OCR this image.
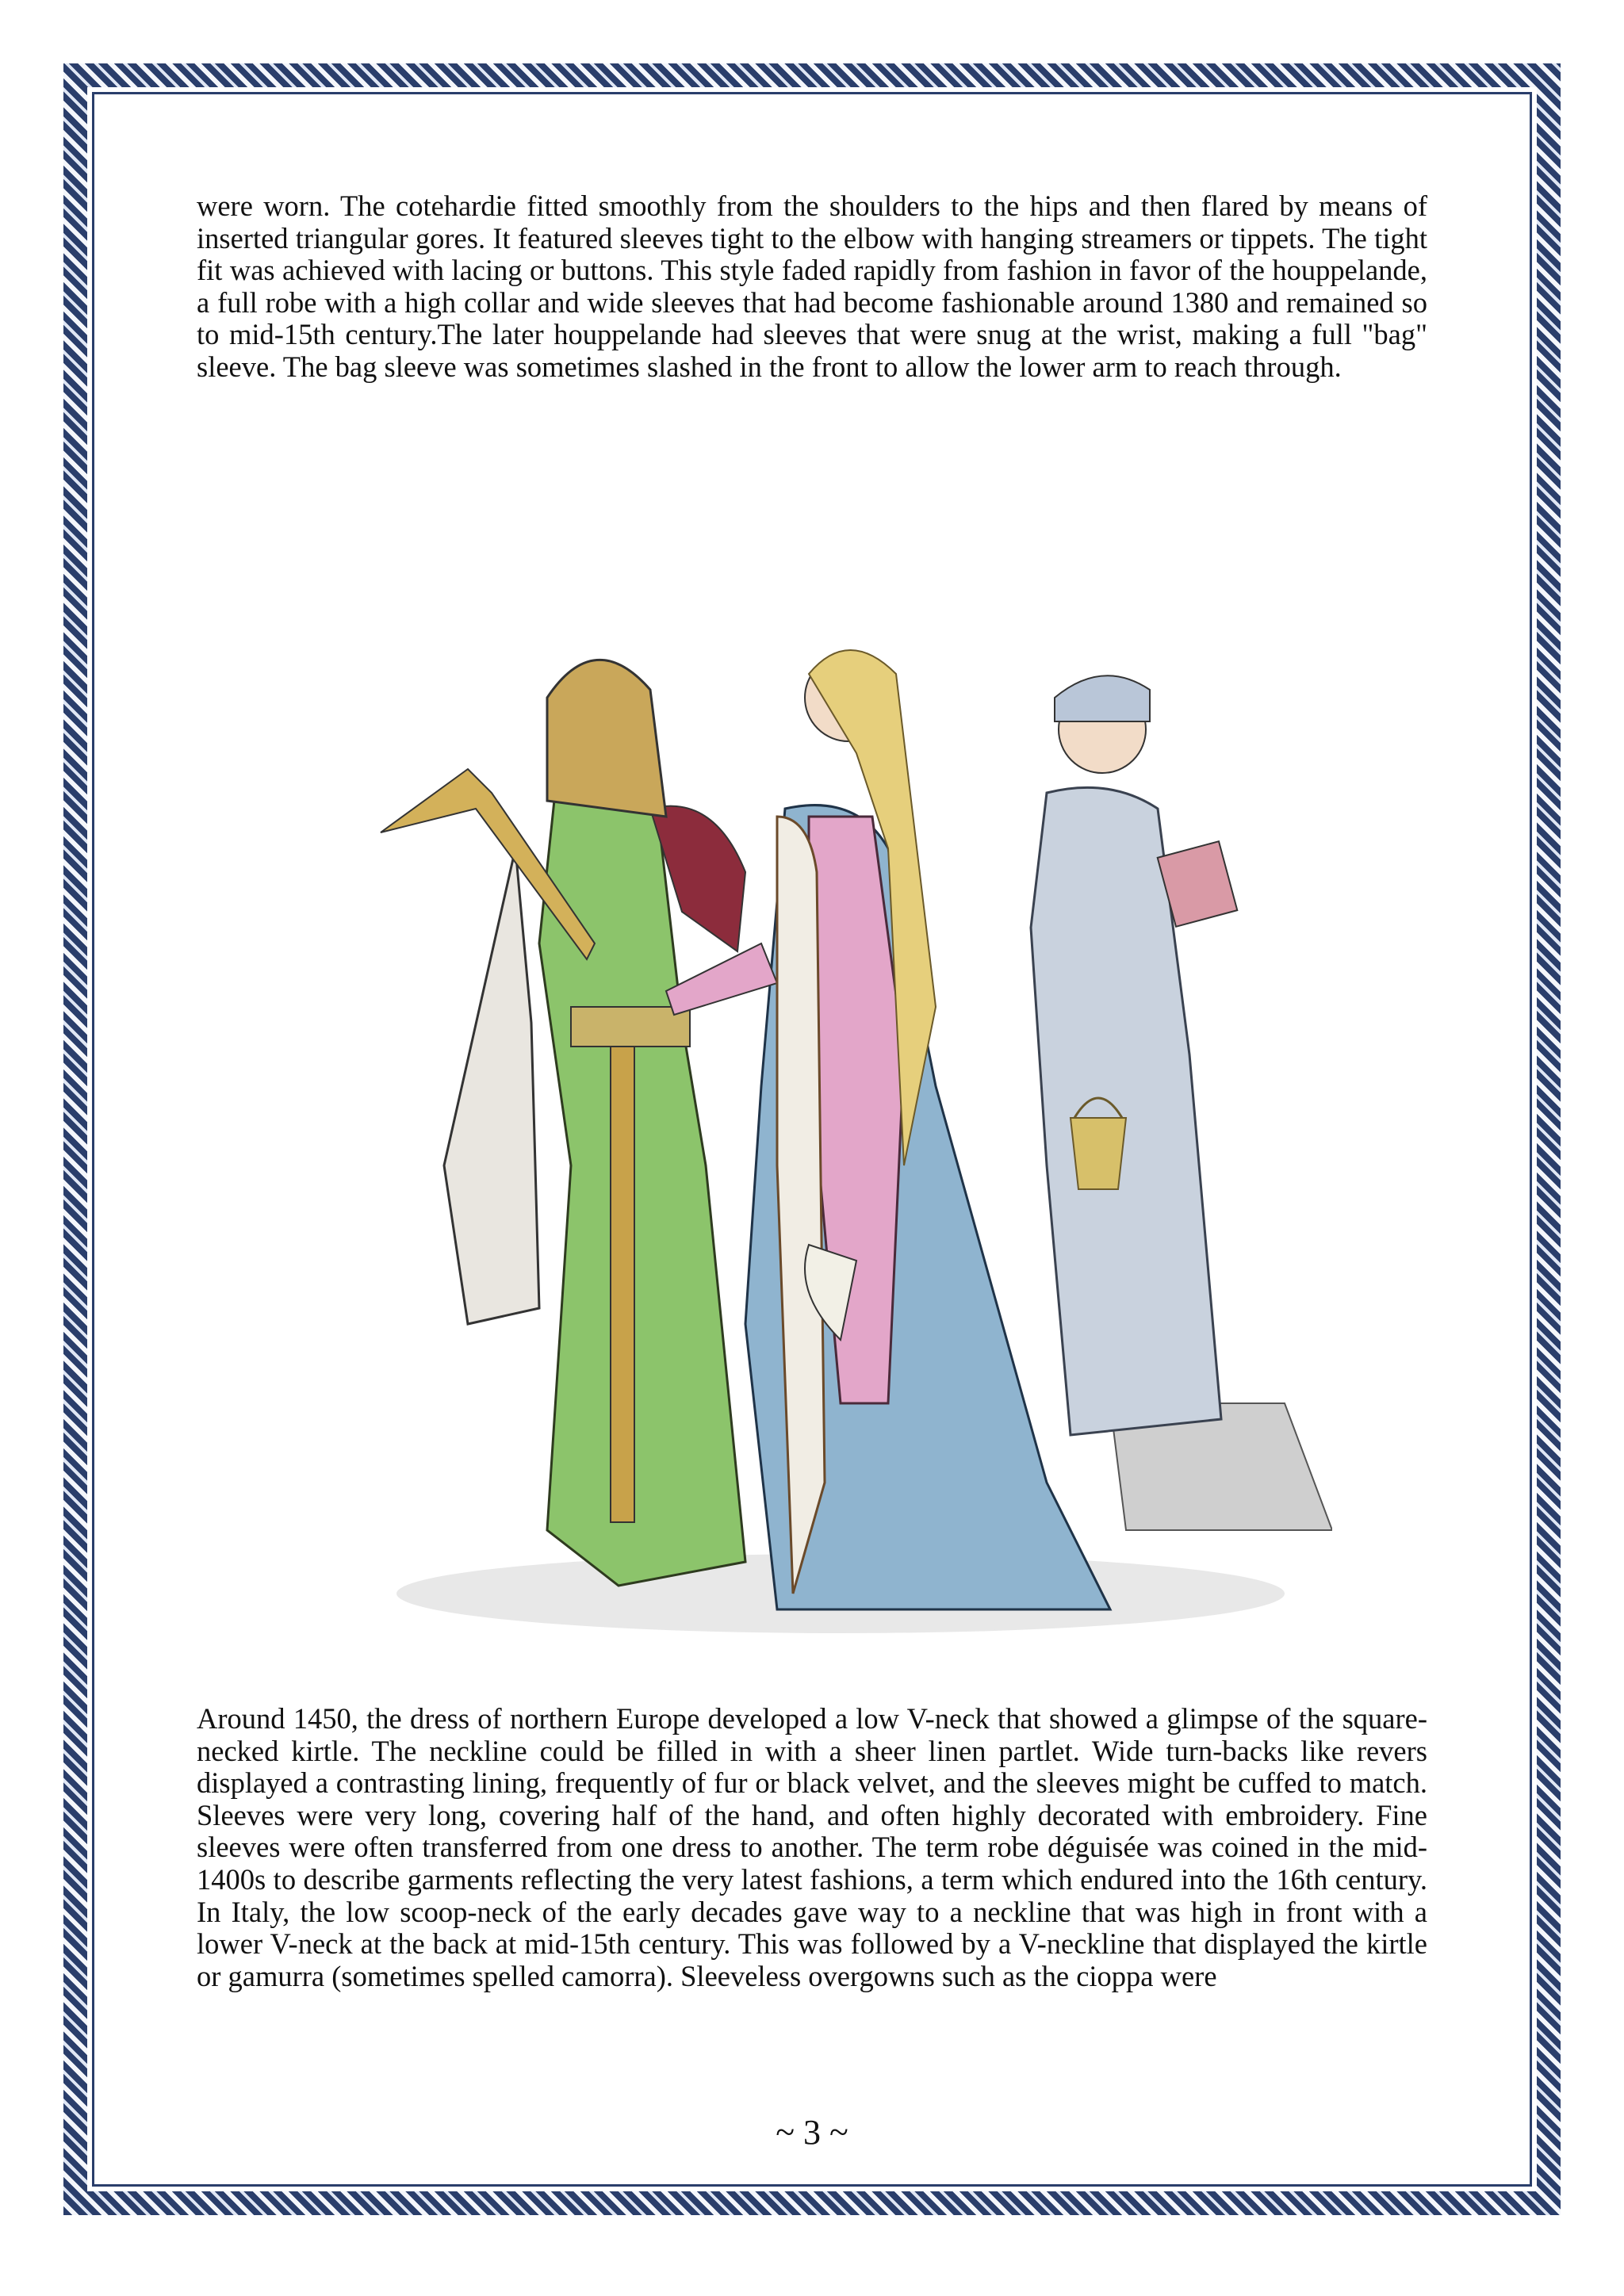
were worn. The cotehardie fitted smoothly from the shoulders to the hips and then flared by means of inserted triangular gores. It featured sleeves tight to the elbow with hanging streamers or tippets. The tight fit was achieved with lacing or buttons. This style faded rapidly from fashion in favor of the houppelande, a full robe with a high collar and wide sleeves that had become fashionable around 1380 and remained so to mid-15th century.The later houppelande had sleeves that were snug at the wrist, making a full "bag" sleeve. The bag sleeve was sometimes slashed in the front to allow the lower arm to reach through.

Around 1450, the dress of northern Europe developed a low V-neck that showed a glimpse of the square-necked kirtle. The neckline could be filled in with a sheer linen partlet. Wide turn-backs like revers displayed a contrasting lining, frequently of fur or black velvet, and the sleeves might be cuffed to match. Sleeves were very long, covering half of the hand, and often highly decorated with embroidery. Fine sleeves were often transferred from one dress to another. The term robe déguisée was coined in the mid-1400s to describe garments reflecting the very latest fashions, a term which endured into the 16th century. In Italy, the low scoop-neck of the early decades gave way to a neckline that was high in front with a lower V-neck at the back at mid-15th century. This was followed by a V-neckline that displayed the kirtle or gamurra (sometimes spelled camorra). Sleeveless overgowns such as the cioppa were

~ 3 ~
